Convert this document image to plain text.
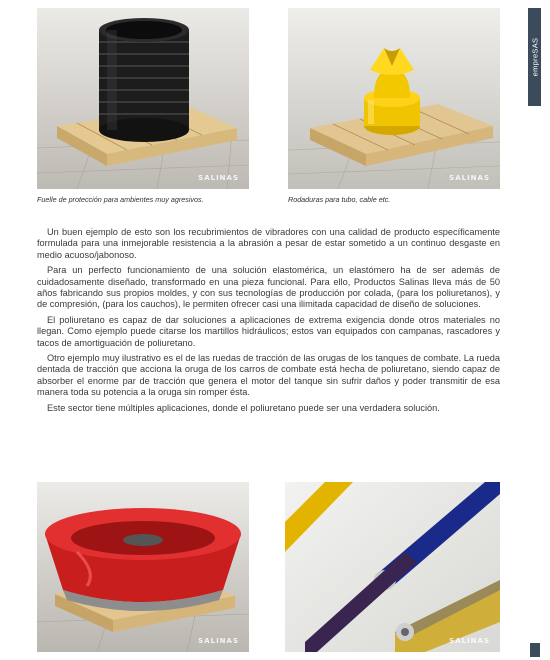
empreSAS
SALINAS
Fuelle de protección para ambientes muy agresivos.
SALINAS
Rodaduras para tubo, cable etc.

Un buen ejemplo de esto son los recubrimientos de vibradores con una calidad de producto específicamente formulada para una inmejorable resistencia a la abrasión a pesar de estar sometido a un continuo desgaste en medio acuoso/jabonoso.

Para un perfecto funcionamiento de una solución elastomérica, un elastómero ha de ser además de cuidadosamente diseñado, transformado en una pieza funcional. Para ello, Productos Salinas lleva más de 50 años fabricando sus propios moldes, y con sus tecnologías de producción por colada, (para los poliuretanos), y de compresión, (para los cauchos), le permiten ofrecer casi una ilimitada capacidad de diseño de soluciones.

El poliuretano es capaz de dar soluciones a aplicaciones de extrema exigencia donde otros materiales no llegan. Como ejemplo puede citarse los martillos hidráulicos; estos van equipados con campanas, rascadores y tacos de amortiguación de poliuretano.

Otro ejemplo muy ilustrativo es el de las ruedas de tracción de las orugas de los tanques de combate. La rueda dentada de tracción que acciona la oruga de los carros de combate está hecha de poliuretano, siendo capaz de absorber el enorme par de tracción que genera el motor del tanque sin sufrir daños y poder transmitir de esa manera toda su potencia a la oruga sin romper ésta.

Este sector tiene múltiples aplicaciones, donde el poliuretano puede ser una verdadera solución.

SALINAS	SALINAS
